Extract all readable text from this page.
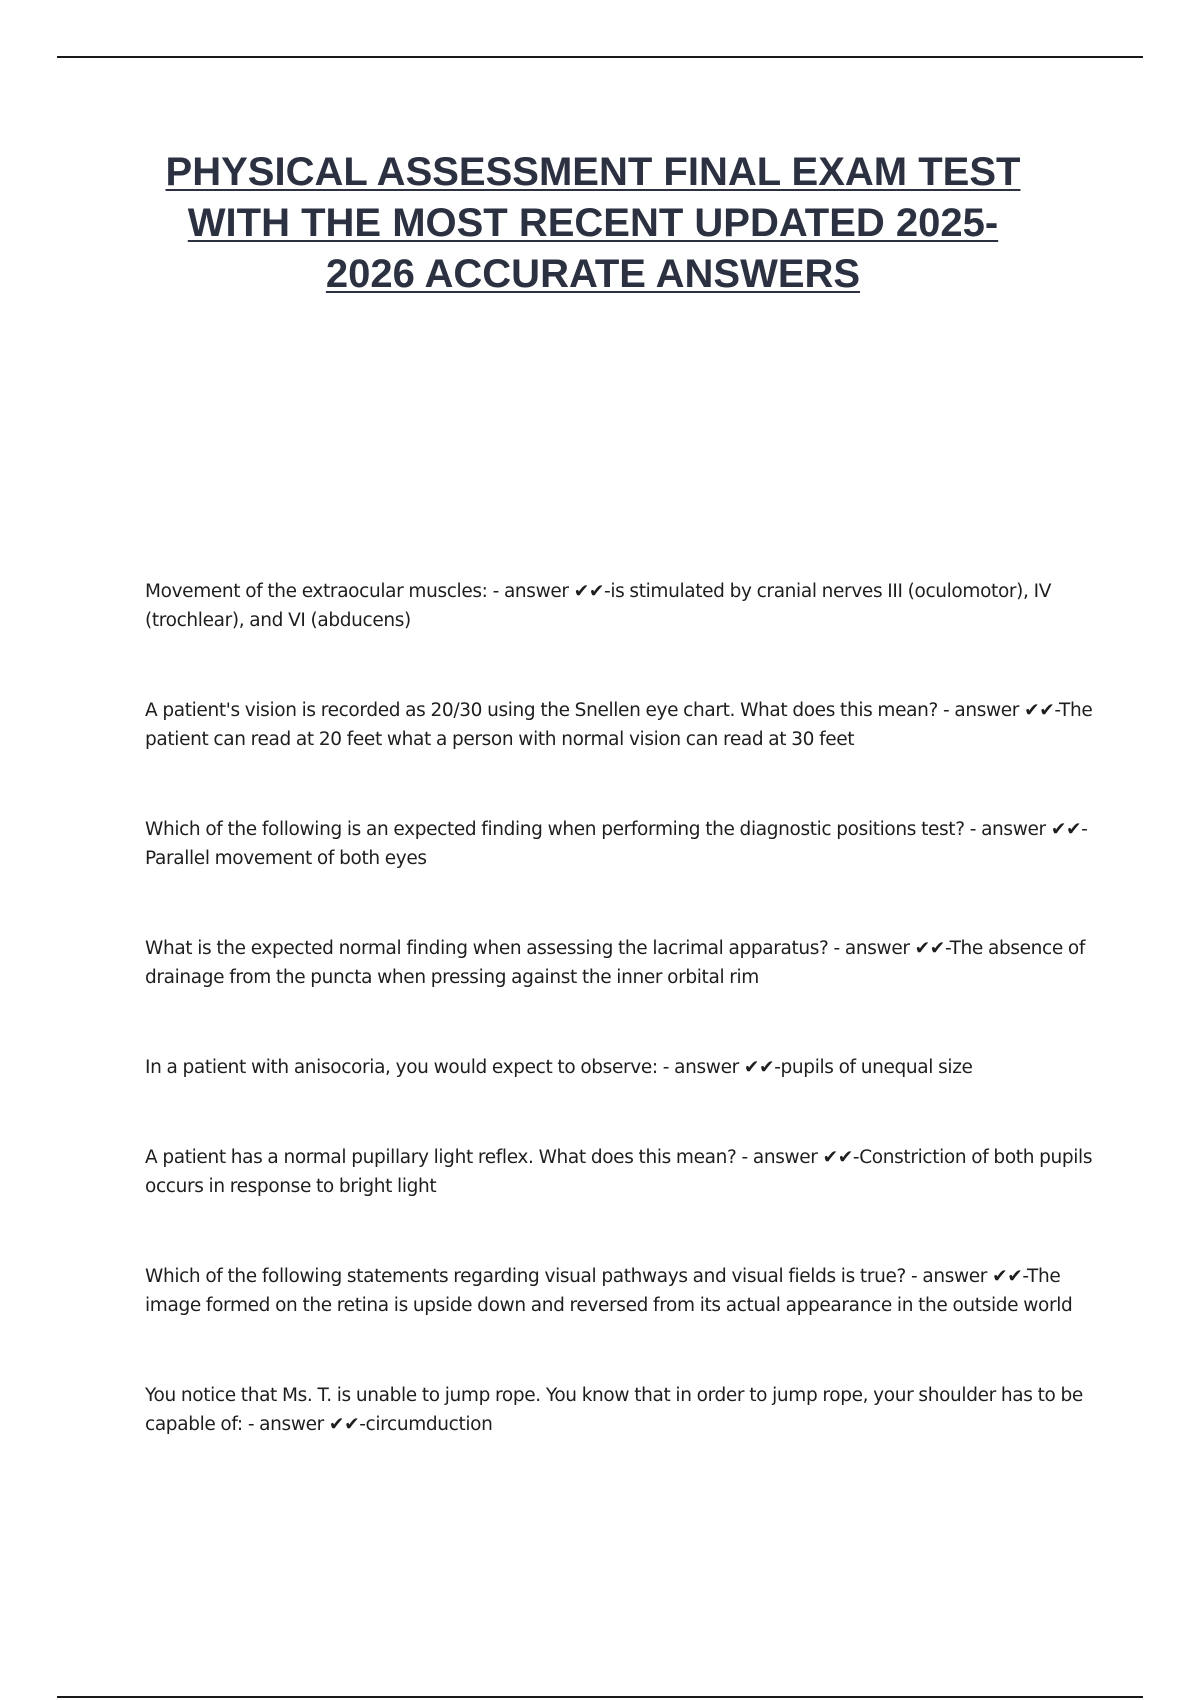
PHYSICAL ASSESSMENT FINAL EXAM TEST WITH THE MOST RECENT UPDATED 2025-2026 ACCURATE ANSWERS
Movement of the extraocular muscles: - answer ✔✔-is stimulated by cranial nerves III (oculomotor), IV (trochlear), and VI (abducens)
A patient's vision is recorded as 20/30 using the Snellen eye chart. What does this mean? - answer ✔✔-The patient can read at 20 feet what a person with normal vision can read at 30 feet
Which of the following is an expected finding when performing the diagnostic positions test? - answer ✔✔-Parallel movement of both eyes
What is the expected normal finding when assessing the lacrimal apparatus? - answer ✔✔-The absence of drainage from the puncta when pressing against the inner orbital rim
In a patient with anisocoria, you would expect to observe: - answer ✔✔-pupils of unequal size
A patient has a normal pupillary light reflex. What does this mean? - answer ✔✔-Constriction of both pupils occurs in response to bright light
Which of the following statements regarding visual pathways and visual fields is true? - answer ✔✔-The image formed on the retina is upside down and reversed from its actual appearance in the outside world
You notice that Ms. T. is unable to jump rope. You know that in order to jump rope, your shoulder has to be capable of: - answer ✔✔-circumduction
